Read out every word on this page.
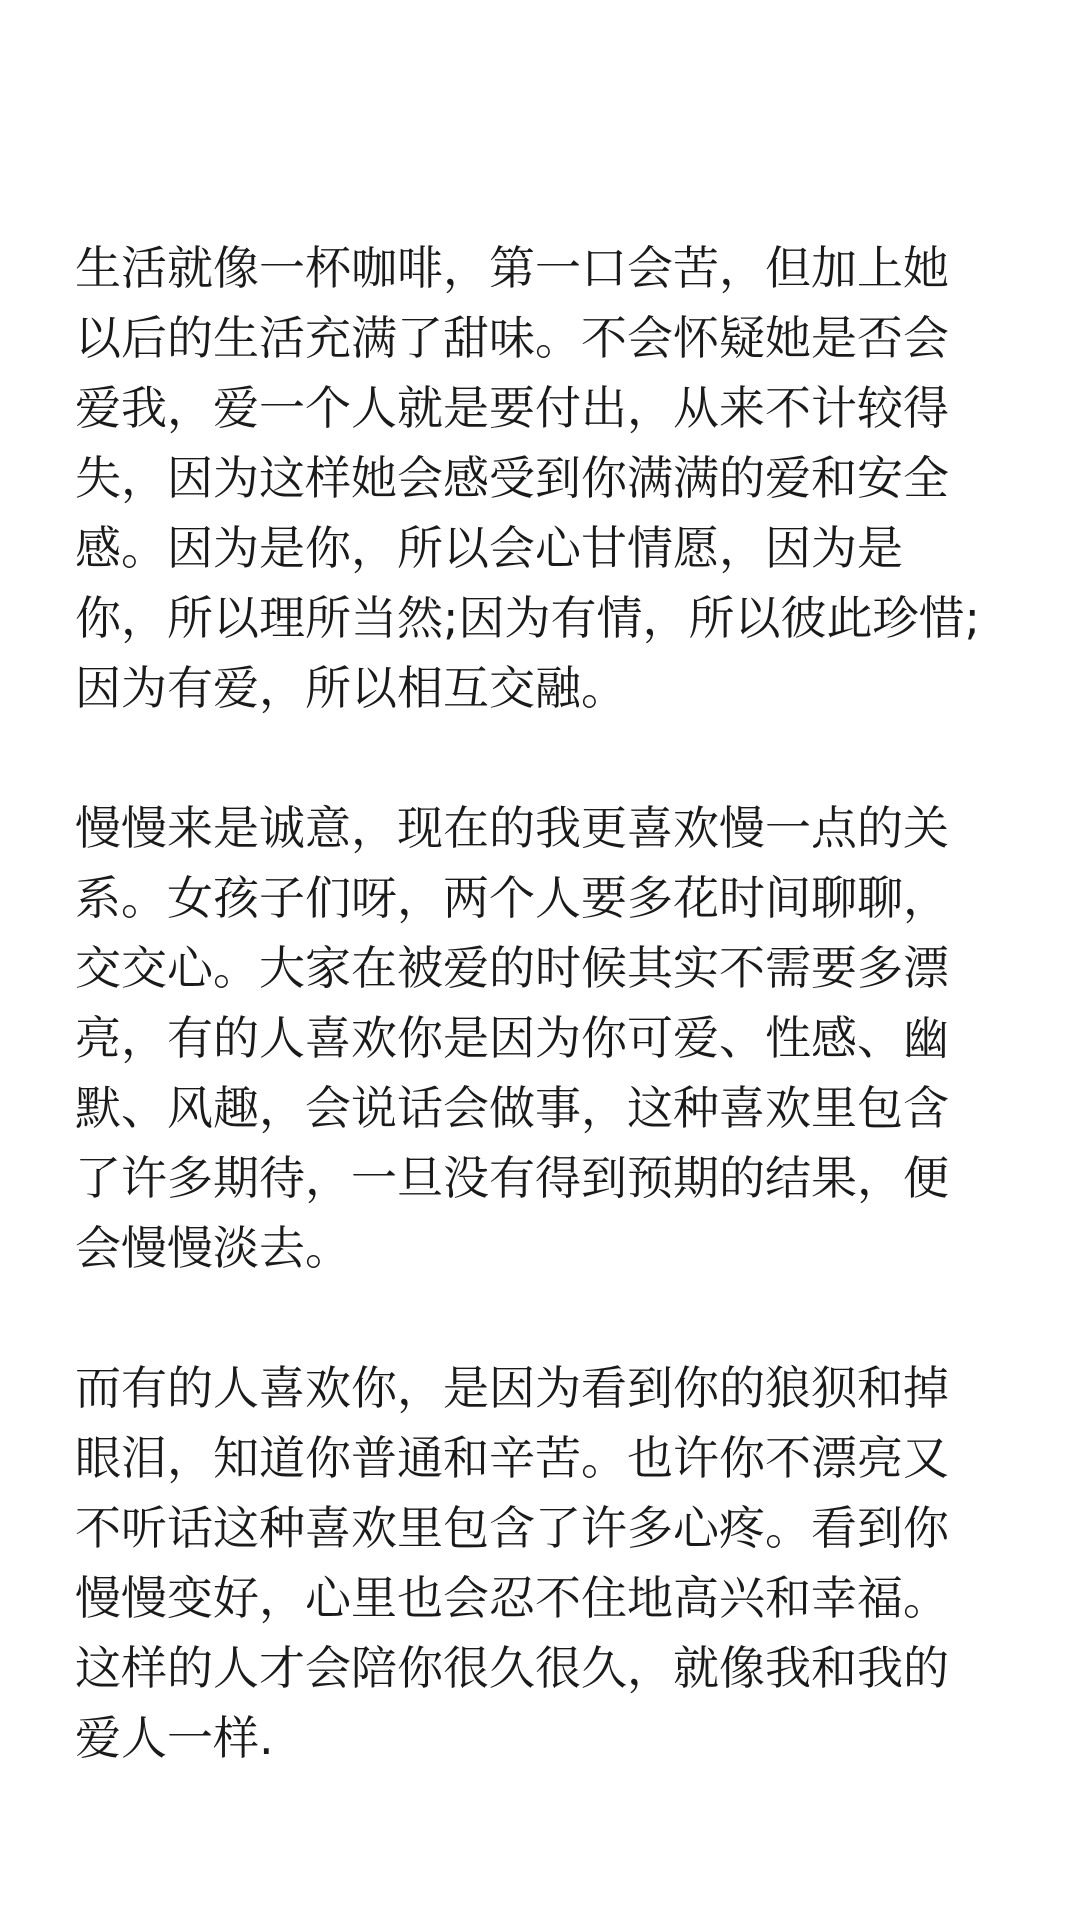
生活就像一杯咖啡，第一口会苦，但加上她

以后的生活充满了甜味。不会怀疑她是否会

爱我，爱一个人就是要付出，从来不计较得

失，因为这样她会感受到你满满的爱和安全

感。因为是你，所以会心甘情愿，因为是

你，所以理所当然;因为有情，所以彼此珍惜;

因为有爱，所以相互交融。

慢慢来是诚意，现在的我更喜欢慢一点的关

系。女孩子们呀，两个人要多花时间聊聊，

交交心。大家在被爱的时候其实不需要多漂

亮，有的人喜欢你是因为你可爱、性感、幽

默、风趣，会说话会做事，这种喜欢里包含

了许多期待，一旦没有得到预期的结果，便

会慢慢淡去。

而有的人喜欢你，是因为看到你的狼狈和掉

眼泪，知道你普通和辛苦。也许你不漂亮又

不听话这种喜欢里包含了许多心疼。看到你

慢慢变好，心里也会忍不住地高兴和幸福。

这样的人才会陪你很久很久，就像我和我的

爱人一样.
